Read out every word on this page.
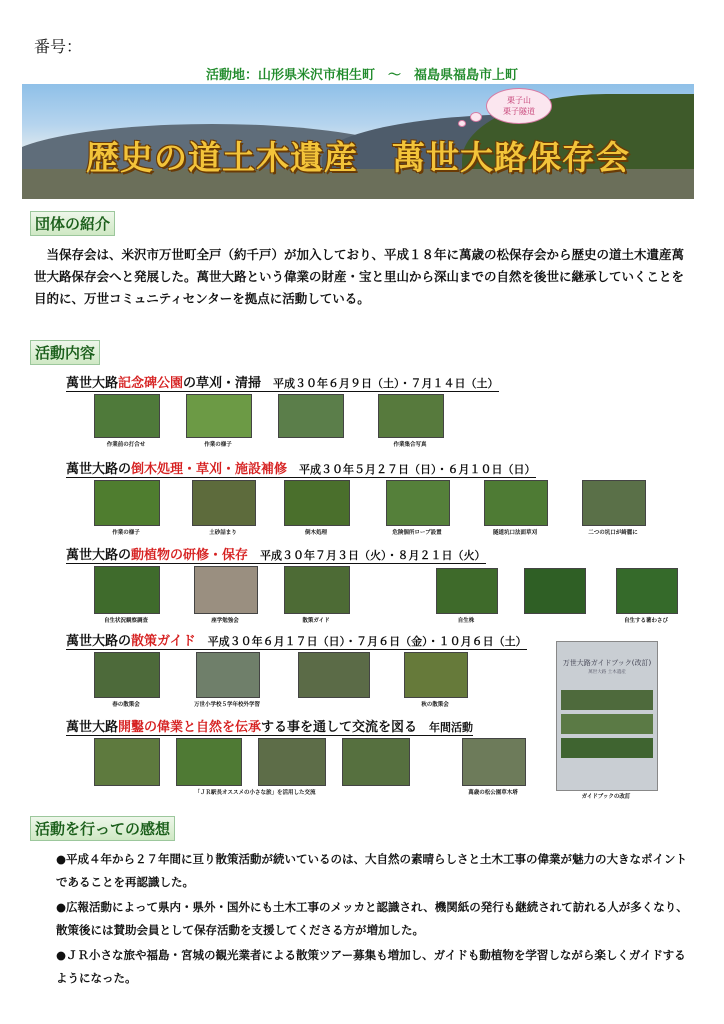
番号：
活動地：山形県米沢市相生町　～　福島県福島市上町
歴史の道土木遺産　萬世大路保存会
栗子山
栗子隧道
団体の紹介
　当保存会は、米沢市万世町全戸（約千戸）が加入しており、平成１８年に萬歳の松保存会から歴史の道土木遺産萬世大路保存会へと発展した。萬世大路という偉業の財産・宝と里山から深山までの自然を後世に継承していくことを目的に、万世コミュニティセンターを拠点に活動している。
活動内容
萬世大路記念碑公園の草刈・清掃 平成３０年６月９日（土）・７月１４日（土）
作業前の打合せ	作業の様子	作業集合写真
萬世大路の倒木処理・草刈・施設補修 平成３０年５月２７日（日）・６月１０日（日）
作業の様子	土砂詰まり	倒木処理	危険個所ロープ設置	隧道坑口法面草刈	二つの坑口が綺麗に
萬世大路の動植物の研修・保存 平成３０年７月３日（火）・８月２１日（火）
自生状況観察調査	座学勉強会	散策ガイド	自生株	自生する薯わさび
萬世大路の散策ガイド 平成３０年６月１７日（日）・７月６日（金）・１０月６日（土）
春の散策会	万世小学校５学年校外学習	秋の散策会
萬世大路開鑿の偉業と自然を伝承する事を通して交流を図る 年間活動
「ＪＲ駅長オススメの小さな旅」を活用した交流	萬歳の松公園草木塔
万世大路ガイドブック(改訂)
萬世大路 土木遺産
ガイドブックの改訂
活動を行っての感想
●平成４年から２７年間に亘り散策活動が続いているのは、大自然の素晴らしさと土木工事の偉業が魅力の大きなポイントであることを再認識した。
●広報活動によって県内・県外・国外にも土木工事のメッカと認識され、機関紙の発行も継続されて訪れる人が多くなり、散策後には賛助会員として保存活動を支援してくださる方が増加した。
●ＪＲ小さな旅や福島・宮城の観光業者による散策ツアー募集も増加し、ガイドも動植物を学習しながら楽しくガイドするようになった。
